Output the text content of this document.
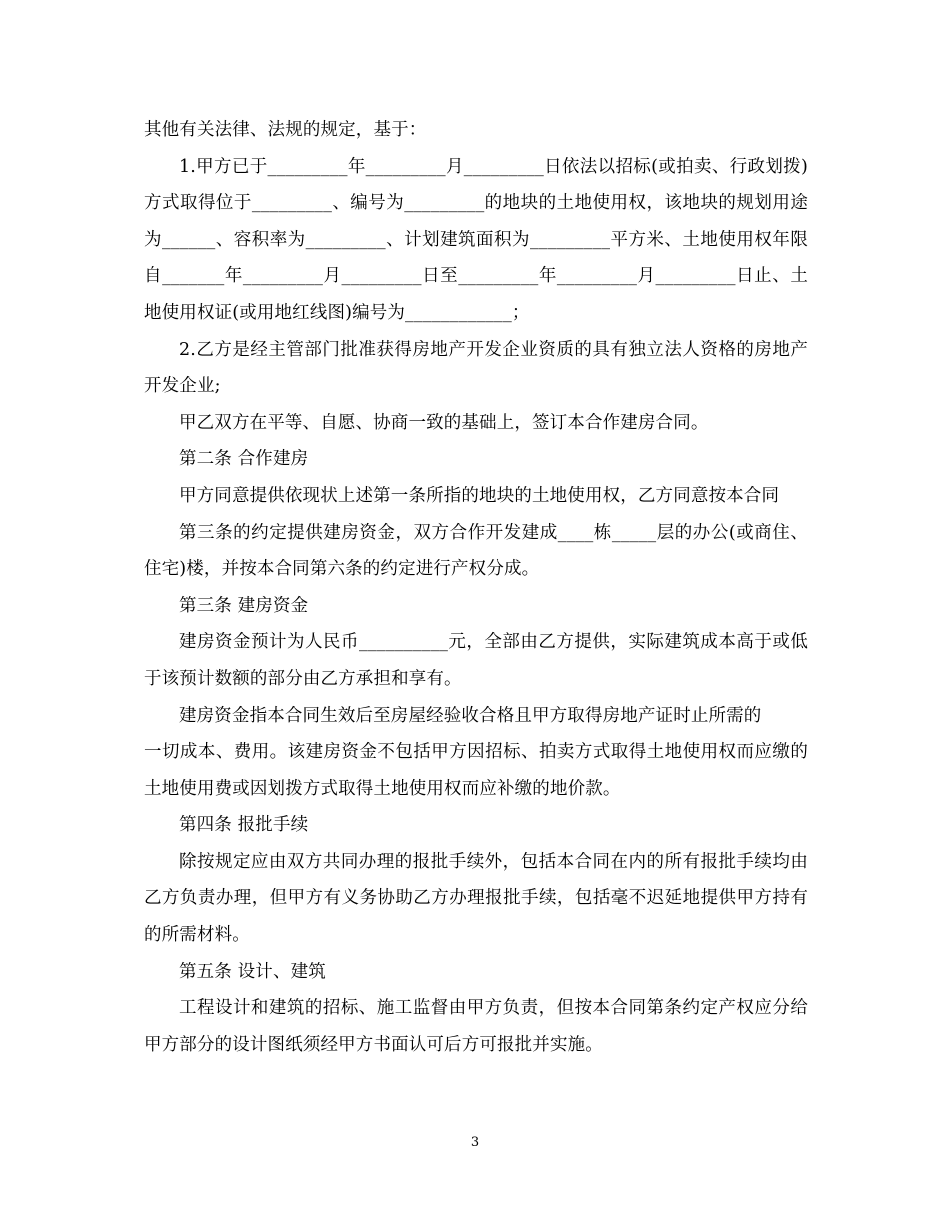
其他有关法律、法规的规定，基于：

1.甲方已于_________年_________月_________日依法以招标(或拍卖、行政划拨)方式取得位于_________、编号为_________的地块的土地使用权，该地块的规划用途为______、容积率为_________、计划建筑面积为_________平方米、土地使用权年限自_______年_________月_________日至_________年_________月_________日止、土地使用权证(或用地红线图)编号为____________；

2.乙方是经主管部门批准获得房地产开发企业资质的具有独立法人资格的房地产开发企业;

甲乙双方在平等、自愿、协商一致的基础上，签订本合作建房合同。

第二条 合作建房

甲方同意提供依现状上述第一条所指的地块的土地使用权，乙方同意按本合同

第三条的约定提供建房资金，双方合作开发建成____栋_____层的办公(或商住、住宅)楼，并按本合同第六条的约定进行产权分成。

第三条 建房资金

建房资金预计为人民币__________元，全部由乙方提供，实际建筑成本高于或低于该预计数额的部分由乙方承担和享有。

建房资金指本合同生效后至房屋经验收合格且甲方取得房地产证时止所需的

一切成本、费用。该建房资金不包括甲方因招标、拍卖方式取得土地使用权而应缴的土地使用费或因划拨方式取得土地使用权而应补缴的地价款。

第四条 报批手续

除按规定应由双方共同办理的报批手续外，包括本合同在内的所有报批手续均由乙方负责办理，但甲方有义务协助乙方办理报批手续，包括毫不迟延地提供甲方持有的所需材料。

第五条 设计、建筑

工程设计和建筑的招标、施工监督由甲方负责，但按本合同第条约定产权应分给甲方部分的设计图纸须经甲方书面认可后方可报批并实施。

3
